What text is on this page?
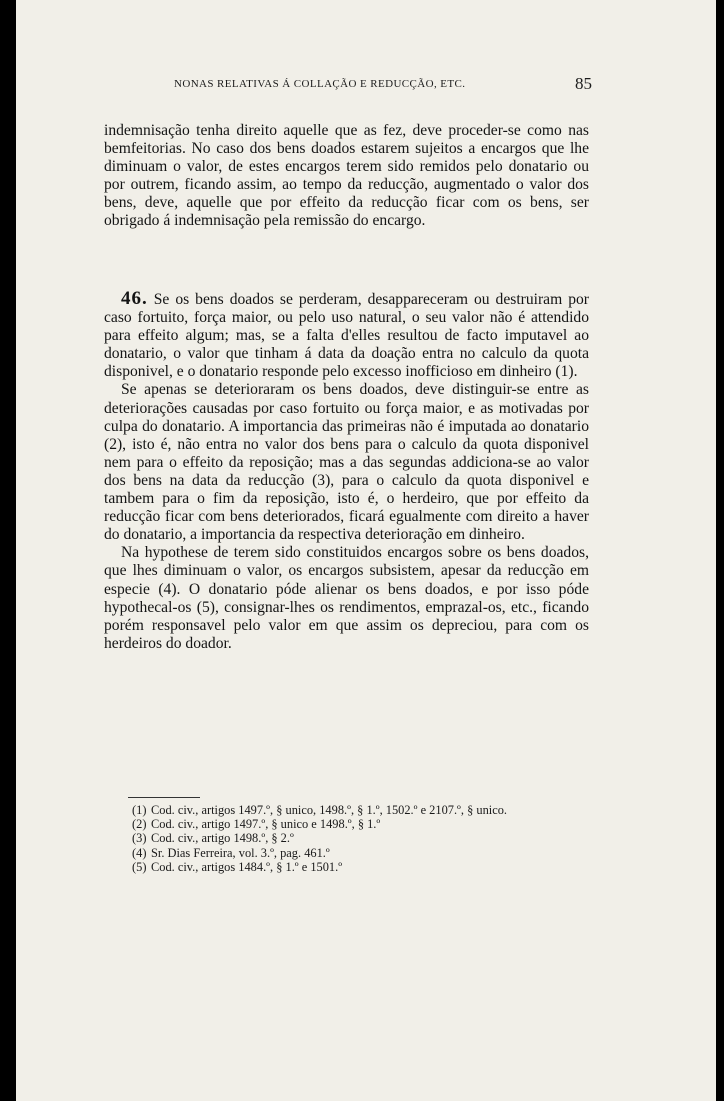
NONAS RELATIVAS Á COLLAÇÃO E REDUCÇÃO, ETC.	85

indemnisação tenha direito aquelle que as fez, deve proceder-se como nas bemfeitorias. No caso dos bens doados estarem sujeitos a encargos que lhe diminuam o valor, de estes encargos terem sido remidos pelo donatario ou por outrem, ficando assim, ao tempo da reducção, augmentado o valor dos bens, deve, aquelle que por effeito da reducção ficar com os bens, ser obrigado á indemnisação pela remissão do encargo.

46. Se os bens doados se perderam, desappareceram ou destruiram por caso fortuito, força maior, ou pelo uso natural, o seu valor não é attendido para effeito algum; mas, se a falta d'elles resultou de facto imputavel ao donatario, o valor que tinham á data da doação entra no calculo da quota disponivel, e o donatario responde pelo excesso inofficioso em dinheiro (1).

Se apenas se deterioraram os bens doados, deve distinguir-se entre as deteriorações causadas por caso fortuito ou força maior, e as motivadas por culpa do donatario. A importancia das primeiras não é imputada ao donatario (2), isto é, não entra no valor dos bens para o calculo da quota disponivel nem para o effeito da reposição; mas a das segundas addiciona-se ao valor dos bens na data da reducção (3), para o calculo da quota disponivel e tambem para o fim da reposição, isto é, o herdeiro, que por effeito da reducção ficar com bens deteriorados, ficará egualmente com direito a haver do donatario, a importancia da respectiva deterioração em dinheiro.

Na hypothese de terem sido constituidos encargos sobre os bens doados, que lhes diminuam o valor, os encargos subsistem, apesar da reducção em especie (4). O donatario póde alienar os bens doados, e por isso póde hypothecal-os (5), consignar-lhes os rendimentos, emprazal-os, etc., ficando porém responsavel pelo valor em que assim os depreciou, para com os herdeiros do doador.

(1) Cod. civ., artigos 1497.º, § unico, 1498.º, § 1.º, 1502.º e 2107.º, § unico.
(2) Cod. civ., artigo 1497.º, § unico e 1498.º, § 1.º
(3) Cod. civ., artigo 1498.º, § 2.º
(4) Sr. Dias Ferreira, vol. 3.º, pag. 461.º
(5) Cod. civ., artigos 1484.º, § 1.º e 1501.º
